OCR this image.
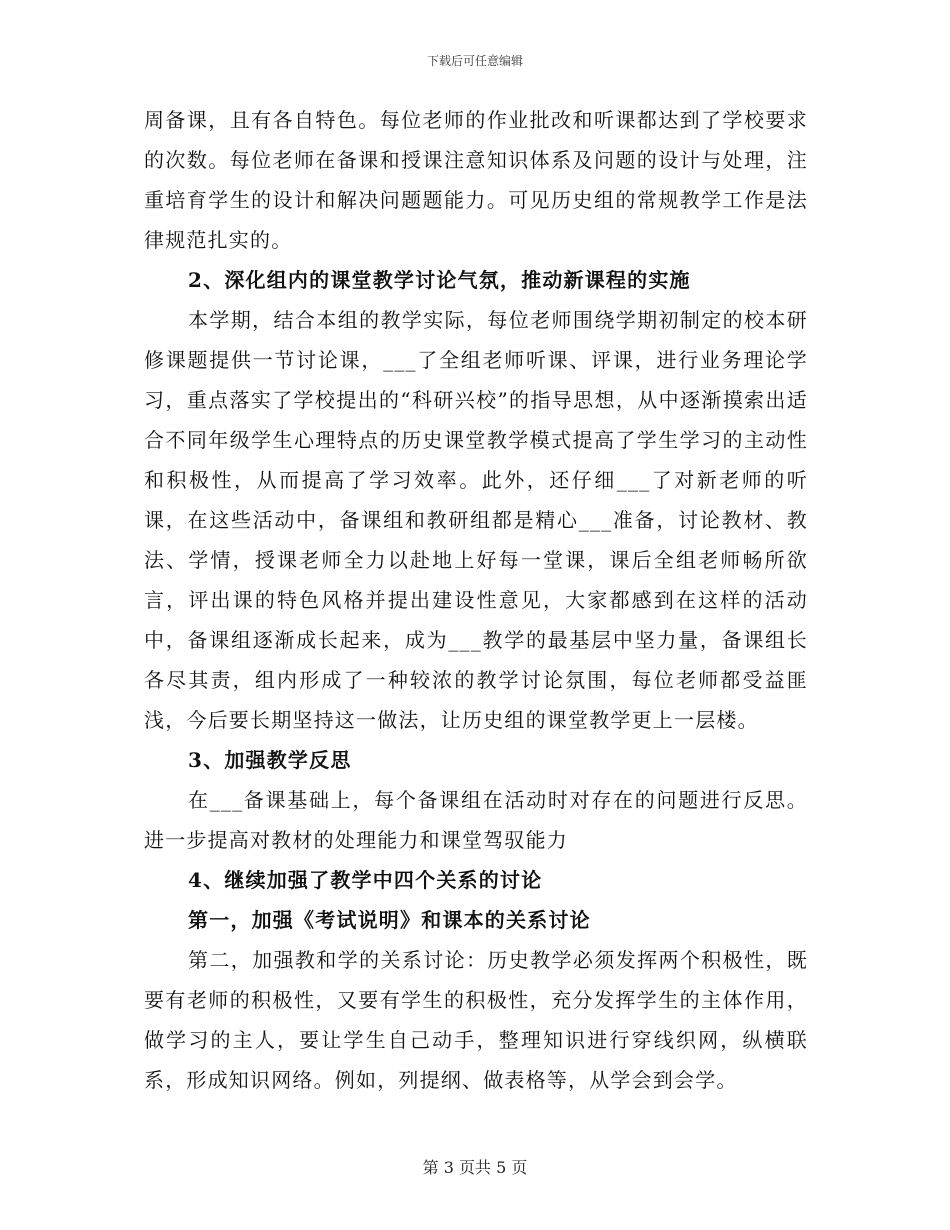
下载后可任意编辑

周备课，且有各自特色。每位老师的作业批改和听课都达到了学校要求的次数。每位老师在备课和授课注意知识体系及问题的设计与处理，注重培育学生的设计和解决问题题能力。可见历史组的常规教学工作是法律规范扎实的。

2、深化组内的课堂教学讨论气氛，推动新课程的实施

本学期，结合本组的教学实际，每位老师围绕学期初制定的校本研修课题提供一节讨论课，___了全组老师听课、评课，进行业务理论学习，重点落实了学校提出的“科研兴校”的指导思想，从中逐渐摸索出适合不同年级学生心理特点的历史课堂教学模式提高了学生学习的主动性和积极性，从而提高了学习效率。此外，还仔细___了对新老师的听课，在这些活动中，备课组和教研组都是精心___准备，讨论教材、教法、学情，授课老师全力以赴地上好每一堂课，课后全组老师畅所欲言，评出课的特色风格并提出建设性意见，大家都感到在这样的活动中，备课组逐渐成长起来，成为___教学的最基层中坚力量，备课组长各尽其责，组内形成了一种较浓的教学讨论氛围，每位老师都受益匪浅，今后要长期坚持这一做法，让历史组的课堂教学更上一层楼。

3、加强教学反思

在___备课基础上，每个备课组在活动时对存在的问题进行反思。进一步提高对教材的处理能力和课堂驾驭能力

4、继续加强了教学中四个关系的讨论

第一，加强《考试说明》和课本的关系讨论

第二，加强教和学的关系讨论：历史教学必须发挥两个积极性，既要有老师的积极性，又要有学生的积极性，充分发挥学生的主体作用，做学习的主人，要让学生自己动手，整理知识进行穿线织网，纵横联系，形成知识网络。例如，列提纲、做表格等，从学会到会学。

第 3 页共 5 页
